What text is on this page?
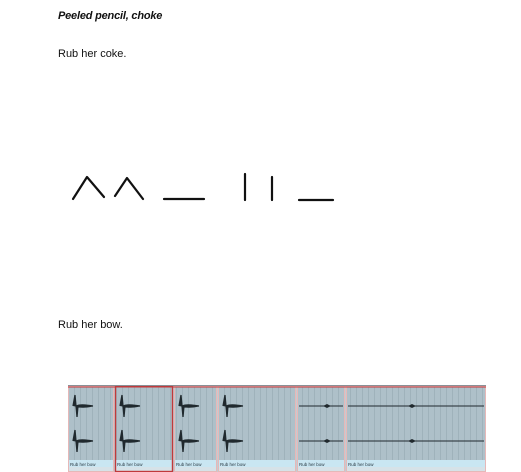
Peeled pencil, choke
Rub her coke.
Rub her bow.
Rub her bow	Rub her bow	Rub her bow	Rub her bow	Rub her bow	Rub her bow
